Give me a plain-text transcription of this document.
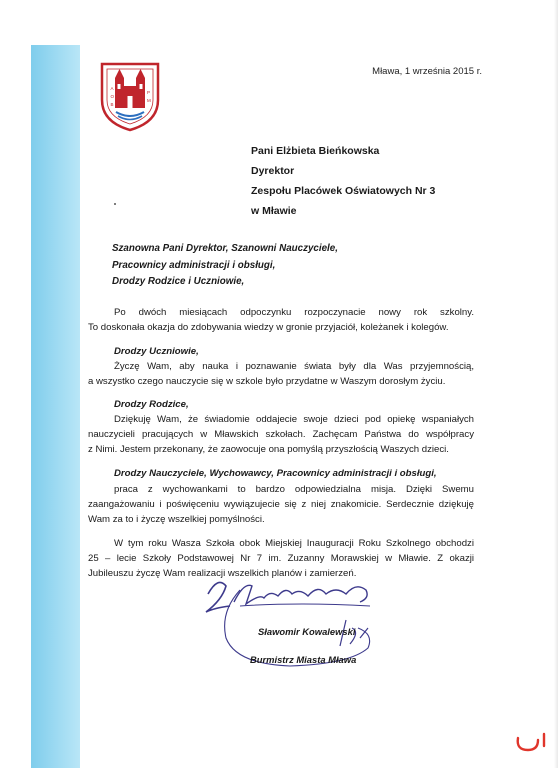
A
O
B
P
M
Mława, 1 września 2015 r.
Pani Elżbieta Bieńkowska
Dyrektor
Zespołu Placówek Oświatowych Nr 3
w Mławie
Szanowna Pani Dyrektor, Szanowni Nauczyciele,
Pracownicy administracji i obsługi,
Drodzy Rodzice i Uczniowie,
Po dwóch miesiącach odpoczynku rozpoczynacie nowy rok szkolny.
To doskonała okazja do zdobywania wiedzy w gronie przyjaciół, koleżanek i kolegów.
Drodzy Uczniowie,
Życzę Wam, aby nauka i poznawanie świata były dla Was przyjemnością,
a wszystko czego nauczycie się w szkole było przydatne w Waszym dorosłym życiu.
Drodzy Rodzice,
Dziękuję Wam, że świadomie oddajecie swoje dzieci pod opiekę wspaniałych
nauczycieli pracujących w Mławskich szkołach. Zachęcam Państwa do współpracy
z Nimi. Jestem przekonany, że zaowocuje ona pomyślą przyszłością Waszych dzieci.
Drodzy Nauczyciele, Wychowawcy, Pracownicy administracji i obsługi,
praca z wychowankami to bardzo odpowiedzialna misja. Dzięki Swemu
zaangażowaniu i poświęceniu wywiązujecie się z niej znakomicie. Serdecznie dziękuję
Wam za to i życzę wszelkiej pomyślności.
W tym roku Wasza Szkoła obok Miejskiej Inauguracji Roku Szkolnego obchodzi
25 – lecie Szkoły Podstawowej Nr 7 im. Zuzanny Morawskiej w Mławie. Z okazji
Jubileuszu życzę Wam realizacji wszelkich planów i zamierzeń.
Sławomir Kowalewski
Burmistrz Miasta Mława
